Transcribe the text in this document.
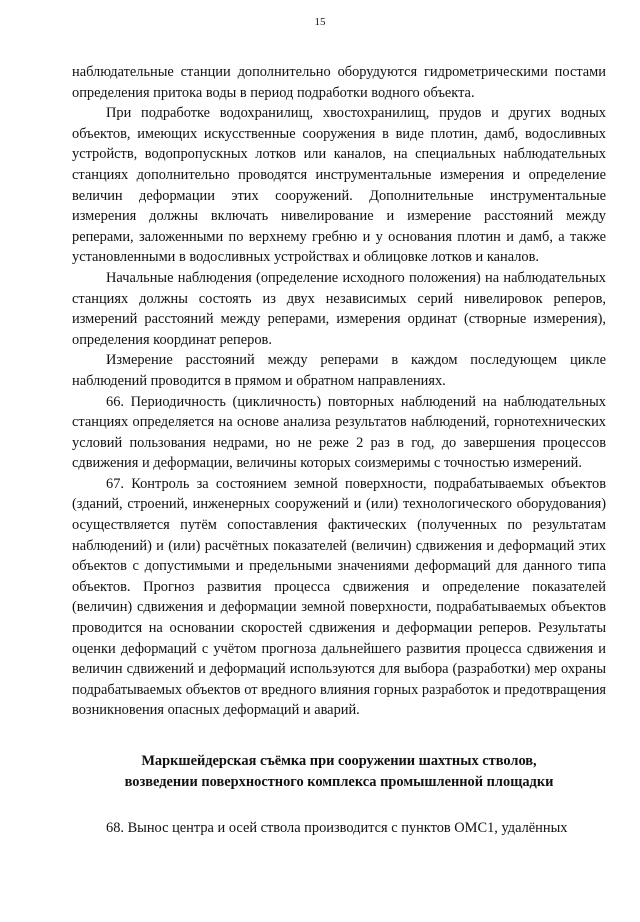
15

наблюдательные станции дополнительно оборудуются гидрометрическими постами определения притока воды в период подработки водного объекта.

При подработке водохранилищ, хвостохранилищ, прудов и других водных объектов, имеющих искусственные сооружения в виде плотин, дамб, водосливных устройств, водопропускных лотков или каналов, на специальных наблюдательных станциях дополнительно проводятся инструментальные измерения и определение величин деформации этих сооружений. Дополнительные инструментальные измерения должны включать нивелирование и измерение расстояний между реперами, заложенными по верхнему гребню и у основания плотин и дамб, а также установленными в водосливных устройствах и облицовке лотков и каналов.

Начальные наблюдения (определение исходного положения) на наблюдательных станциях должны состоять из двух независимых серий нивелировок реперов, измерений расстояний между реперами, измерения ординат (створные измерения), определения координат реперов.

Измерение расстояний между реперами в каждом последующем цикле наблюдений проводится в прямом и обратном направлениях.

66. Периодичность (цикличность) повторных наблюдений на наблюдательных станциях определяется на основе анализа результатов наблюдений, горнотехнических условий пользования недрами, но не реже 2 раз в год, до завершения процессов сдвижения и деформации, величины которых соизмеримы с точностью измерений.

67. Контроль за состоянием земной поверхности, подрабатываемых объектов (зданий, строений, инженерных сооружений и (или) технологического оборудования) осуществляется путём сопоставления фактических (полученных по результатам наблюдений) и (или) расчётных показателей (величин) сдвижения и деформаций этих объектов с допустимыми и предельными значениями деформаций для данного типа объектов. Прогноз развития процесса сдвижения и определение показателей (величин) сдвижения и деформации земной поверхности, подрабатываемых объектов проводится на основании скоростей сдвижения и деформации реперов. Результаты оценки деформаций с учётом прогноза дальнейшего развития процесса сдвижения и величин сдвижений и деформаций используются для выбора (разработки) мер охраны подрабатываемых объектов от вредного влияния горных разработок и предотвращения возникновения опасных деформаций и аварий.

Маркшейдерская съёмка при сооружении шахтных стволов,
возведении поверхностного комплекса промышленной площадки

68. Вынос центра и осей ствола производится с пунктов ОМС1, удалённых
